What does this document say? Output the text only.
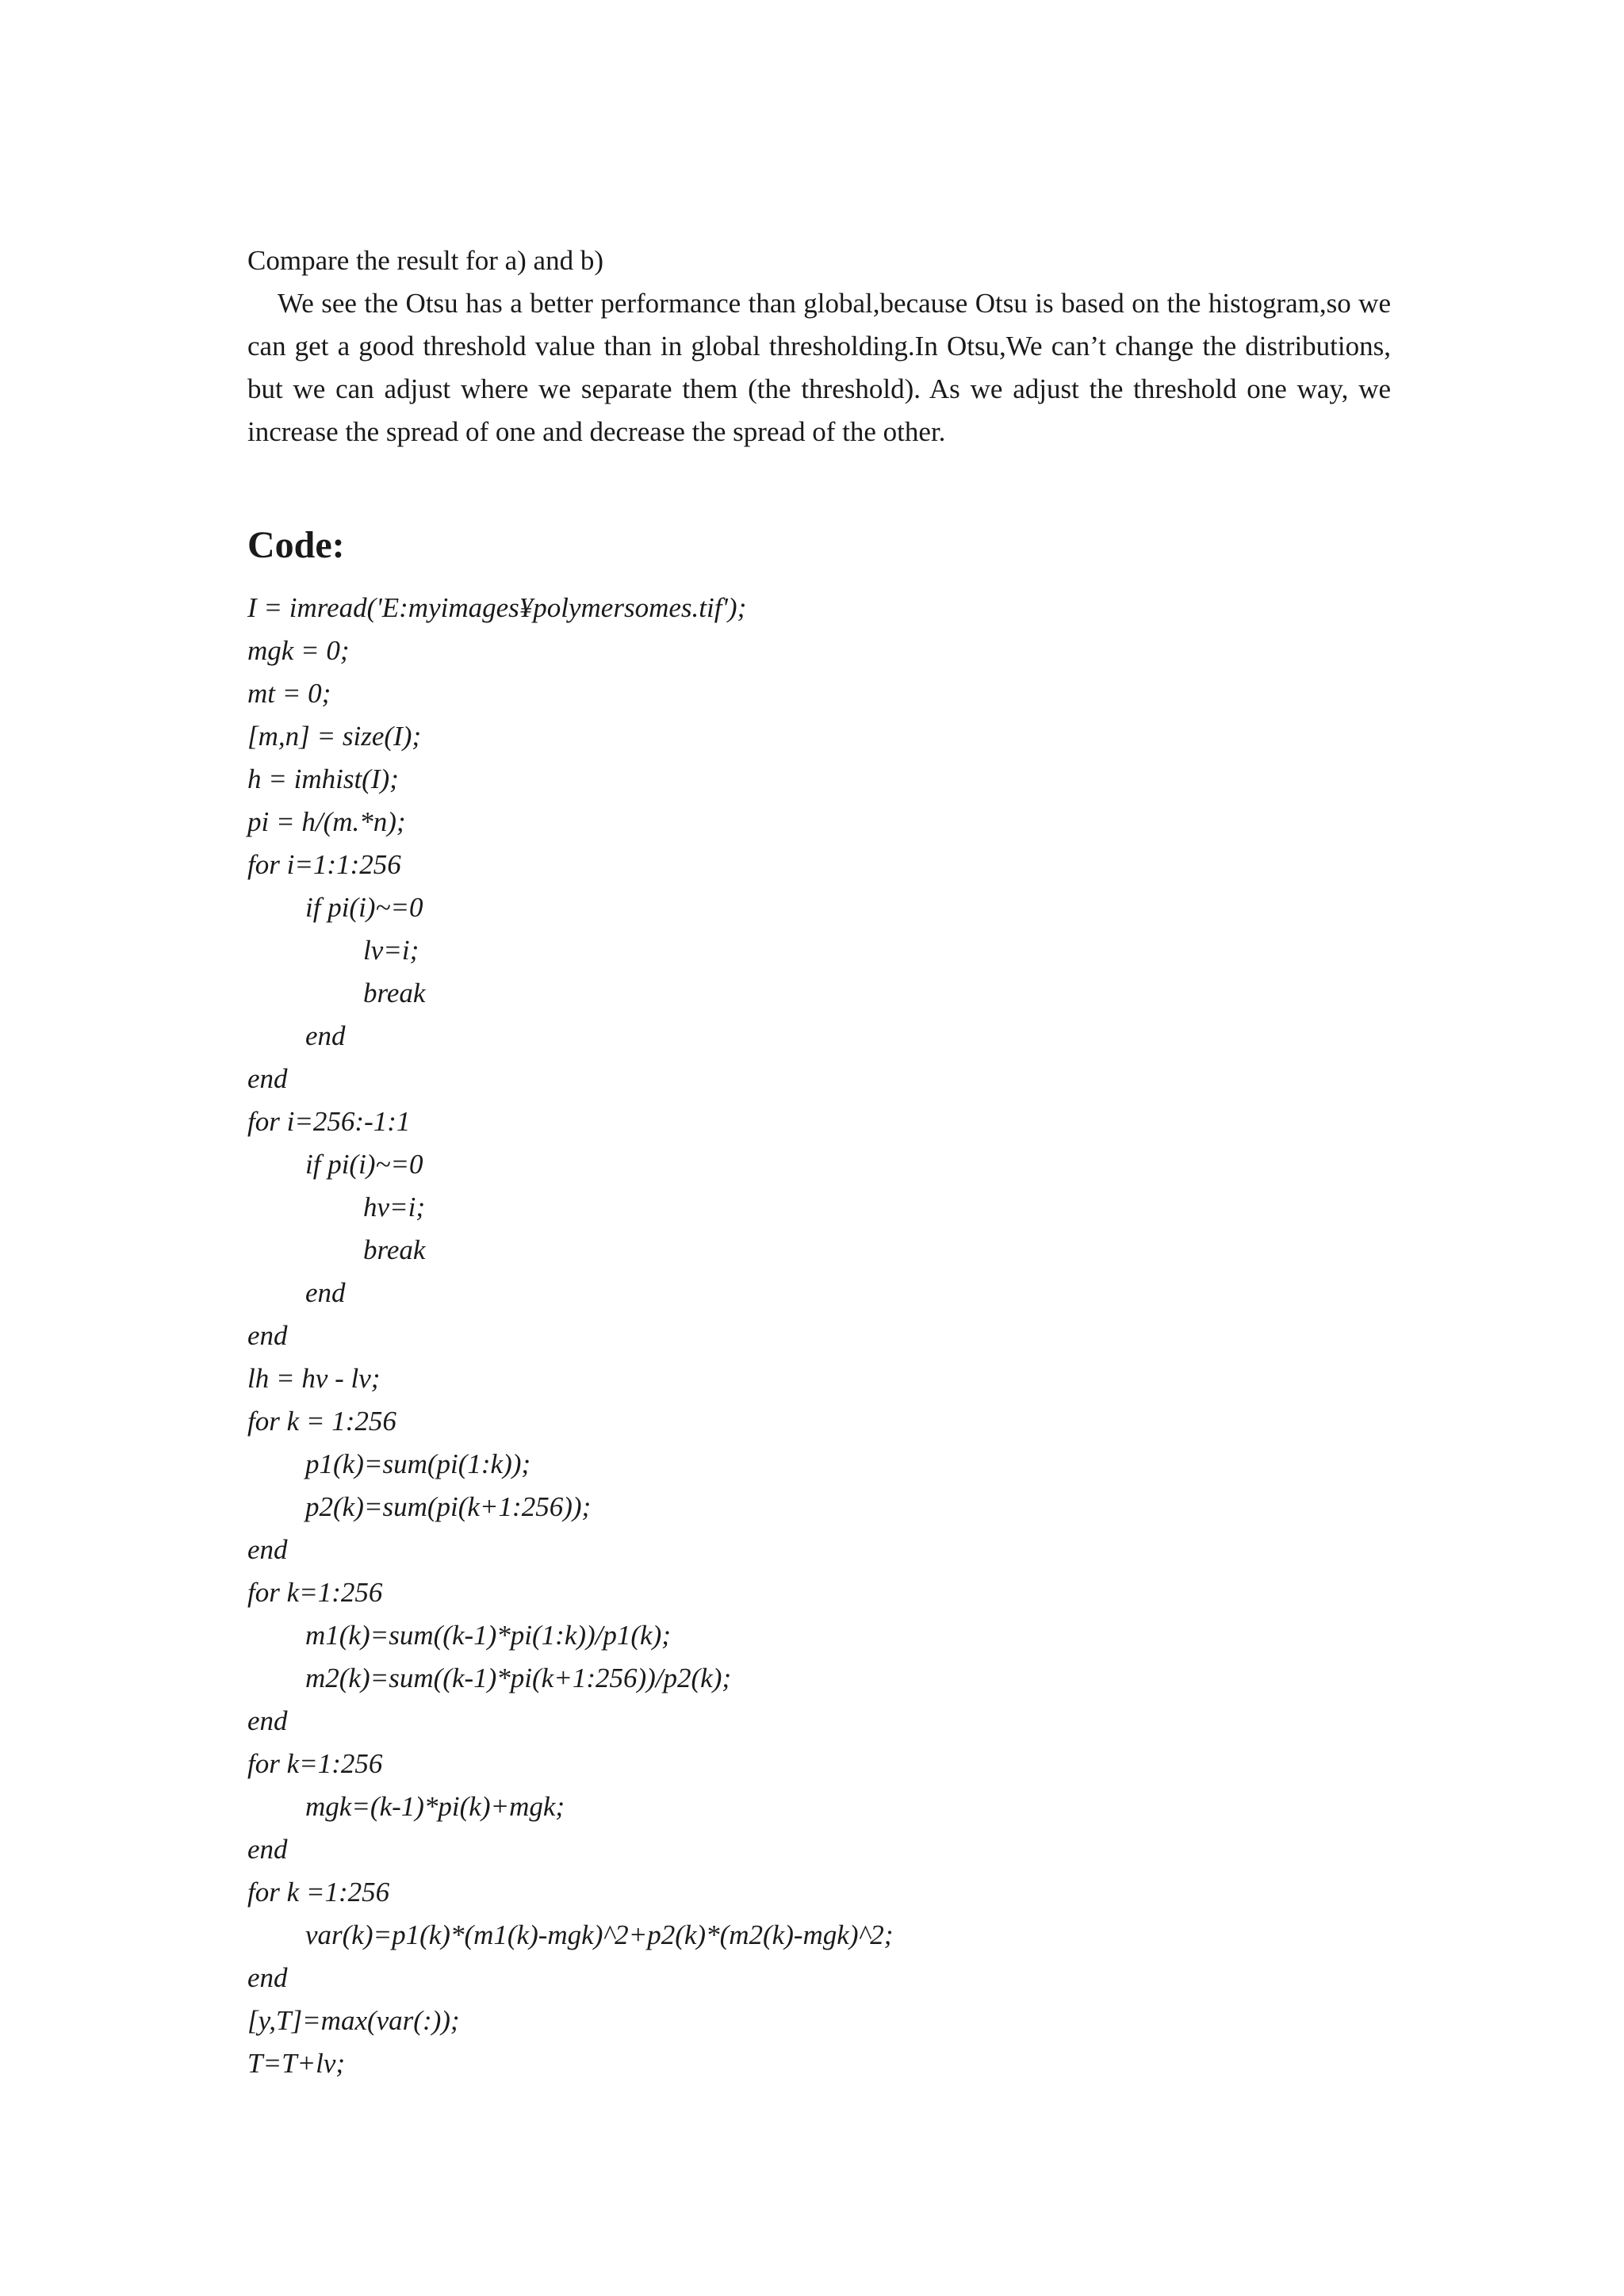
Compare the result for a) and b)

We see the Otsu has a better performance than global,because Otsu is based on the histogram,so we can get a good threshold value than in global thresholding.In Otsu,We can’t change the distributions, but we can adjust where we separate them (the threshold). As we adjust the threshold one way, we increase the spread of one and decrease the spread of the other.

Code:
I = imread('E:myimages¥polymersomes.tif');
mgk = 0;
mt = 0;
[m,n] = size(I);
h = imhist(I);
pi = h/(m.*n);
for i=1:1:256
if pi(i)~=0
lv=i;
break
end
end
for i=256:-1:1
if pi(i)~=0
hv=i;
break
end
end
lh = hv - lv;
for k = 1:256
p1(k)=sum(pi(1:k));
p2(k)=sum(pi(k+1:256));
end
for k=1:256
m1(k)=sum((k-1)*pi(1:k))/p1(k);
m2(k)=sum((k-1)*pi(k+1:256))/p2(k);
end
for k=1:256
mgk=(k-1)*pi(k)+mgk;
end
for k =1:256
var(k)=p1(k)*(m1(k)-mgk)^2+p2(k)*(m2(k)-mgk)^2;
end
[y,T]=max(var(:));
T=T+lv;
